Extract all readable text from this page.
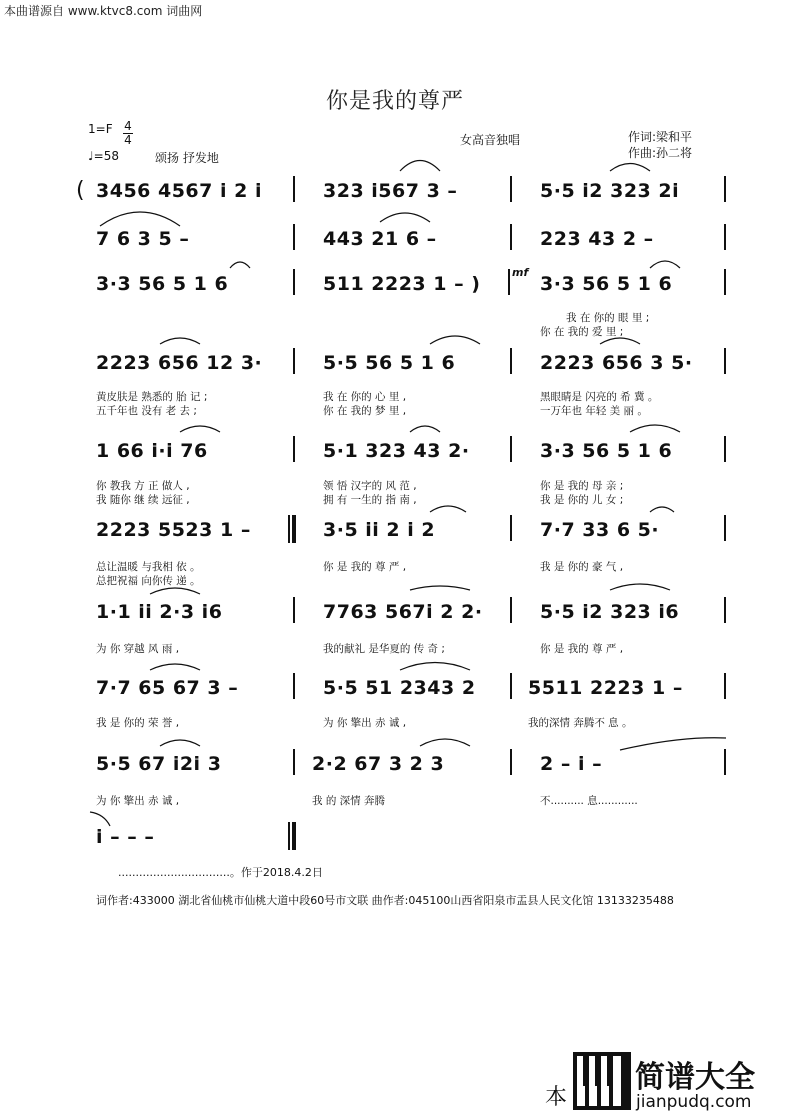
本曲谱源自 www.ktvc8.com 词曲网
你是我的尊严
1=F 4
4
♩=58	颂扬 抒发地
女高音独唱	作词:梁和平
作曲:孙二将
( 3456 4567 i 2 i	323 i567 3 –	5·5 i2 323 2i
7 6 3 5 –	443 21 6 –	223 43 2 –
3·3 56 5 1 6	511 2223 1 – )
mf
3·3 56 5 1 6
我 在 你的 眼 里 ;
你 在 我的 爱 里 ;
2223 656 12 3·	5·5 56 5 1 6	2223 656 3 5·
黄皮肤是 熟悉的 胎 记 ;
五千年也 没有 老 去 ;
我 在 你的 心 里 ,
你 在 我的 梦 里 ,
黑眼睛是 闪亮的 希 冀 。
一万年也 年轻 美 丽 。
1 66 i·i 76	5·1 323 43 2·	3·3 56 5 1 6
你 教我 方 正 做人 ,
我 随你 继 续 远征 ,
领 悟 汉字的 风 范 ,
拥 有 一生的 指 南 ,
你 是 我的 母 亲 ;
我 是 你的 儿 女 ;
2223 5523 1 –	3·5 ii 2 i 2	7·7 33 6 5·
总让温暖 与我相 依 。
总把祝福 向你传 递 。
你 是 我的 尊 严 ,	我 是 你的 豪 气 ,
1·1 ii 2·3 i6	7763 567i 2 2·	5·5 i2 323 i6
为 你 穿越 风 雨 ,	我的献礼 是华夏的 传 奇 ;	你 是 我的 尊 严 ,
7·7 65 67 3 –	5·5 51 2343 2	5511 2223 1 –
我 是 你的 荣 誉 ,	为 你 擎出 赤 诚 ,	我的深情 奔腾不 息 。
5·5 67 i2i 3	2·2 67 3 2 3	2 – i –
为 你 擎出 赤 诚 ,	我 的 深情 奔腾	不.......... 息............
i – – –
................................。作于2018.4.2日
词作者:433000 湖北省仙桃市仙桃大道中段60号市文联 曲作者:045100山西省阳泉市盂县人民文化馆 13133235488
本
简谱大全
jianpudq.com
